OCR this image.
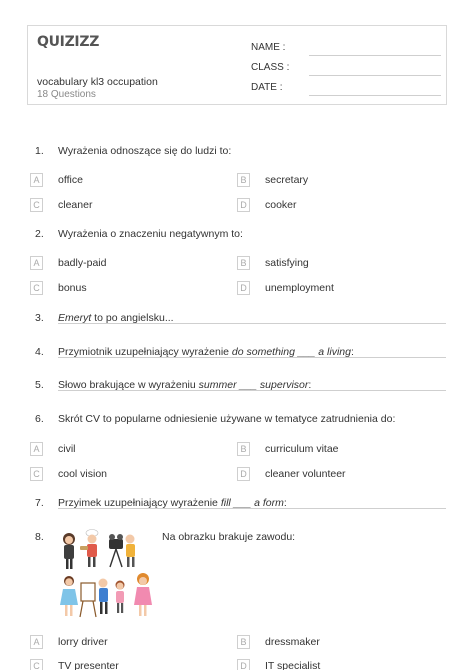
QUIZIZZ
vocabulary kl3 occupation
18 Questions
NAME :
CLASS :
DATE :
1.	Wyrażenia odnoszące się do ludzi to:
A	office	B	secretary
C	cleaner	D	cooker
2.	Wyrażenia o znaczeniu negatywnym to:
A	badly-paid	B	satisfying
C	bonus	D	unemployment
3.	Emeryt to po angielsku...
4.	Przymiotnik uzupełniający wyrażenie do something ___ a living:
5.	Słowo brakujące w wyrażeniu summer ___ supervisor:
6.	Skrót CV to popularne odniesienie używane w tematyce zatrudnienia do:
A	civil	B	curriculum vitae
C	cool vision	D	cleaner volunteer
7.	Przyimek uzupełniający wyrażenie fill ___ a form:
8.	Na obrazku brakuje zawodu:
A	lorry driver	B	dressmaker
C	TV presenter	D	IT specialist
